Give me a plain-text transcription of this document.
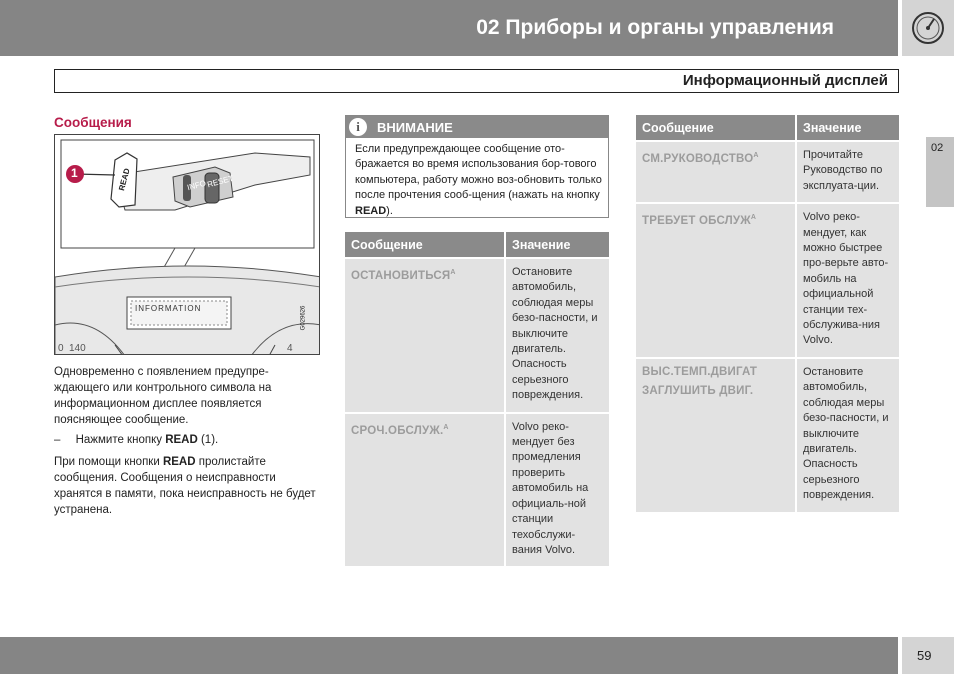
02 Приборы и органы управления
Информационный дисплей
02
Сообщения
1	READ	INFO RESET
INFORMATION	G029626
0 140	4
Одновременно с появлением предупре-ждающего или контрольного символа на информационном дисплее появляется поясняющее сообщение.
– Нажмите кнопку READ (1).
При помощи кнопки READ пролистайте сообщения. Сообщения о неисправности хранятся в памяти, пока неисправность не будет устранена.
i	ВНИМАНИЕ
Если предупреждающее сообщение ото-бражается во время использования бор-тового компьютера, работу можно воз-обновить только после прочтения сооб-щения (нажать на кнопку READ).
Сообщение	Значение
$ОСТАНОВИТЬСЯ^A$	Остановите автомобиль, соблюдая меры безо-пасности, и выключите двигатель. Опасность серьезного повреждения.
СРОЧ.ОБСЛУЖ.$^A$	Volvo реко-мендует без промедления проверить автомобиль на официаль-ной станции техобслужи-вания Volvo.
Сообщение	Значение
$СМ.РУКОВОДСТВО^A$	Прочитайте Руководство по эксплуата-ции.
ТРЕБУЕТ $ОБСЛУЖ^A$	Volvo реко-мендует, как можно быстрее про-верьте авто-мобиль на официальной станции тех-обслужива-ния Volvo.
ВЫС.ТЕМП.ДВИГАТ ЗАГЛУШИТЬ ДВИГ.	Остановите автомобиль, соблюдая меры безо-пасности, и выключите двигатель. Опасность серьезного повреждения.
59
